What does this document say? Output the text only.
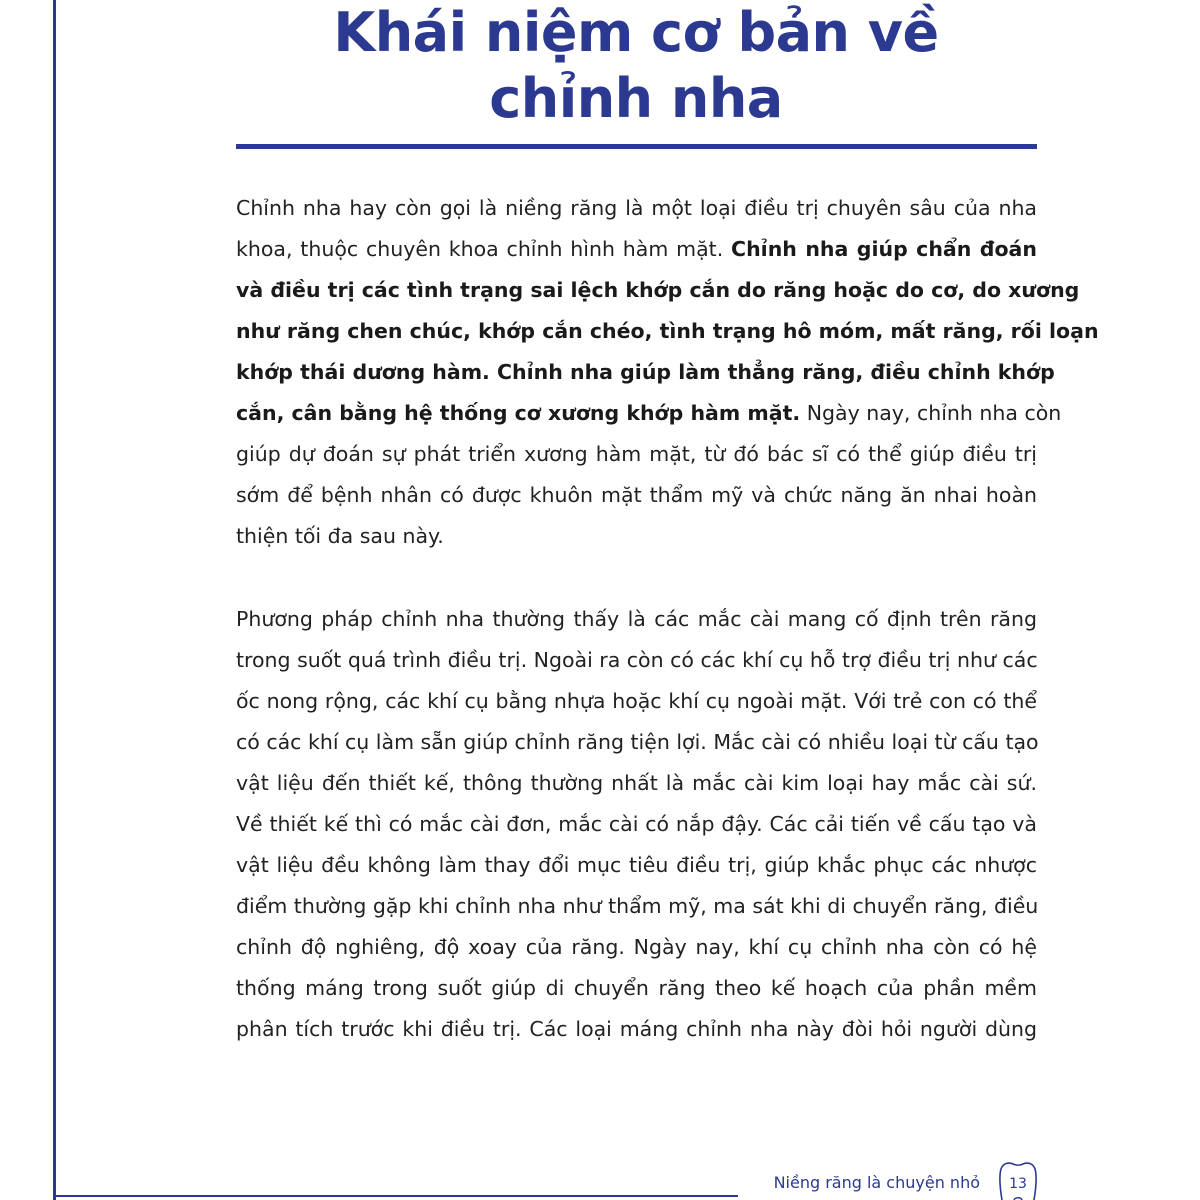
Khái niệm cơ bản về
chỉnh nha
Chỉnh nha hay còn gọi là niềng răng là một loại điều trị chuyên sâu của nha
khoa, thuộc chuyên khoa chỉnh hình hàm mặt. Chỉnh nha giúp chẩn đoán
và điều trị các tình trạng sai lệch khớp cắn do răng hoặc do cơ, do xương
như răng chen chúc, khớp cắn chéo, tình trạng hô móm, mất răng, rối loạn
khớp thái dương hàm. Chỉnh nha giúp làm thẳng răng, điều chỉnh khớp
cắn, cân bằng hệ thống cơ xương khớp hàm mặt. Ngày nay, chỉnh nha còn
giúp dự đoán sự phát triển xương hàm mặt, từ đó bác sĩ có thể giúp điều trị
sớm để bệnh nhân có được khuôn mặt thẩm mỹ và chức năng ăn nhai hoàn
thiện tối đa sau này.
Phương pháp chỉnh nha thường thấy là các mắc cài mang cố định trên răng
trong suốt quá trình điều trị. Ngoài ra còn có các khí cụ hỗ trợ điều trị như các
ốc nong rộng, các khí cụ bằng nhựa hoặc khí cụ ngoài mặt. Với trẻ con có thể
có các khí cụ làm sẵn giúp chỉnh răng tiện lợi. Mắc cài có nhiều loại từ cấu tạo
vật liệu đến thiết kế, thông thường nhất là mắc cài kim loại hay mắc cài sứ.
Về thiết kế thì có mắc cài đơn, mắc cài có nắp đậy. Các cải tiến về cấu tạo và
vật liệu đều không làm thay đổi mục tiêu điều trị, giúp khắc phục các nhược
điểm thường gặp khi chỉnh nha như thẩm mỹ, ma sát khi di chuyển răng, điều
chỉnh độ nghiêng, độ xoay của răng. Ngày nay, khí cụ chỉnh nha còn có hệ
thống máng trong suốt giúp di chuyển răng theo kế hoạch của phần mềm
phân tích trước khi điều trị. Các loại máng chỉnh nha này đòi hỏi người dùng
Niềng răng là chuyện nhỏ	13
